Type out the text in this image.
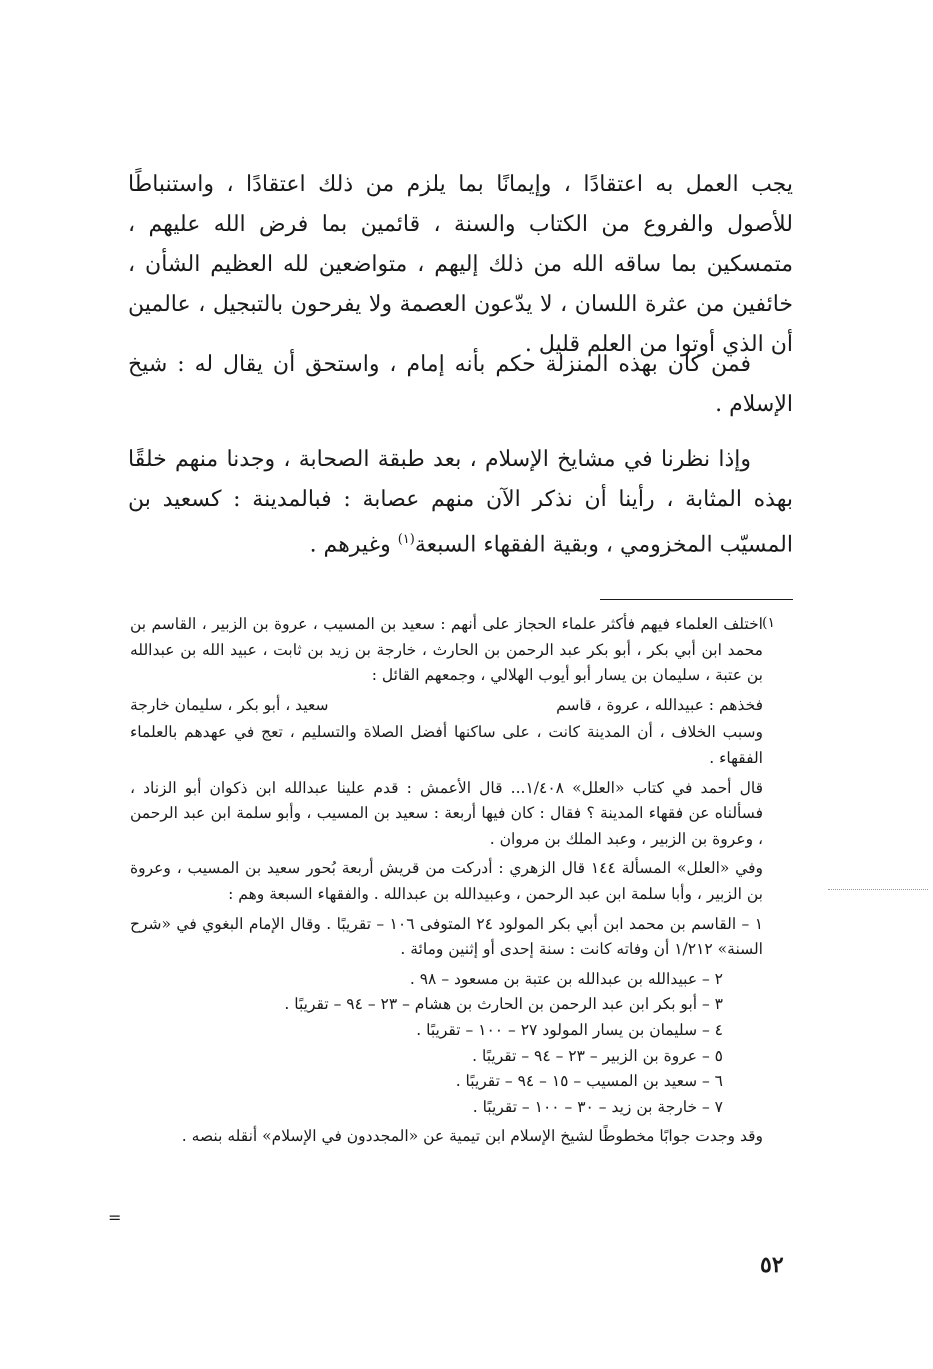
يجب العمل به اعتقادًا ، وإيمانًا بما يلزم من ذلك اعتقادًا ، واستنباطًا للأصول والفروع من الكتاب والسنة ، قائمين بما فرض الله عليهم ، متمسكين بما ساقه الله من ذلك إليهم ، متواضعين لله العظيم الشأن ، خائفين من عثرة اللسان ، لا يدّعون العصمة ولا يفرحون بالتبجيل ، عالمين أن الذي أوتوا من العلم قليل .

فمن كان بهذه المنزلة حكم بأنه إمام ، واستحق أن يقال له : شيخ الإسلام .

وإذا نظرنا في مشايخ الإسلام ، بعد طبقة الصحابة ، وجدنا منهم خلقًا بهذه المثابة ، رأينا أن نذكر الآن منهم عصابة : فبالمدينة : كسعيد بن المسيّب المخزومي ، وبقية الفقهاء السبعة$^{(١)}$ وغيرهم .

(١

اختلف العلماء فيهم فأكثر علماء الحجاز على أنهم : سعيد بن المسيب ، عروة بن الزبير ، القاسم بن محمد ابن أبي بكر ، أبو بكر عبد الرحمن بن الحارث ، خارجة بن زيد بن ثابت ، عبيد الله بن عبدالله بن عتبة ، سليمان بن يسار أبو أيوب الهلالي ، وجمعهم القائل :

فخذهم : عبيدالله ، عروة ، قاسم
سعيد ، أبو بكر ، سليمان خارجة

وسبب الخلاف ، أن المدينة كانت ، على ساكنها أفضل الصلاة والتسليم ، تعج في عهدهم بالعلماء الفقهاء .

قال أحمد في كتاب «العلل» ١/٤٠٨... قال الأعمش : قدم علينا عبدالله ابن ذكوان أبو الزناد ، فسألناه عن فقهاء المدينة ؟ فقال : كان فيها أربعة : سعيد بن المسيب ، وأبو سلمة ابن عبد الرحمن ، وعروة بن الزبير ، وعبد الملك بن مروان .

وفي «العلل» المسألة ١٤٤ قال الزهري : أدركت من قريش أربعة بُحور سعيد بن المسيب ، وعروة بن الزبير ، وأبا سلمة ابن عبد الرحمن ، وعبيدالله بن عبدالله . والفقهاء السبعة وهم :

١ – القاسم بن محمد ابن أبي بكر المولود ٢٤ المتوفى ١٠٦ – تقريبًا . وقال الإمام البغوي في «شرح السنة» ١/٢١٢ أن وفاته كانت : سنة إحدى أو إثنين ومائة .

٢ – عبيدالله بن عبدالله بن عتبة بن مسعود – ٩٨ .
٣ – أبو بكر ابن عبد الرحمن بن الحارث بن هشام – ٢٣ – ٩٤ – تقريبًا .
٤ – سليمان بن يسار المولود ٢٧ – ١٠٠ – تقريبًا .
٥ – عروة بن الزبير – ٢٣ – ٩٤ – تقريبًا .
٦ – سعيد بن المسيب – ١٥ – ٩٤ – تقريبًا .
٧ – خارجة بن زيد – ٣٠ – ١٠٠ – تقريبًا .

وقد وجدت جوابًا مخطوطًا لشيخ الإسلام ابن تيمية عن «المجددون في الإسلام» أنقله بنصه .

=
٥٢
